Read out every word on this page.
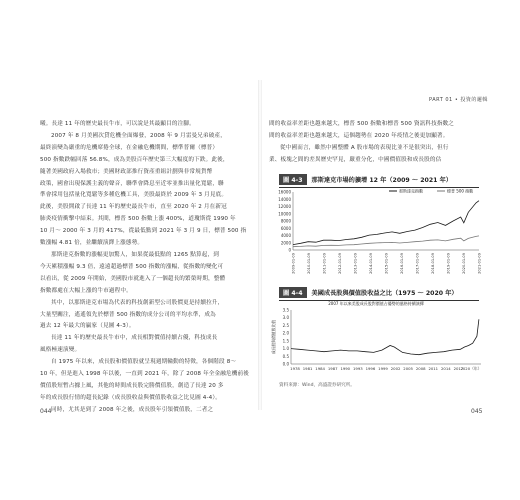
曦。長達 11 年的歷史最長牛市，可以說是其最顯目的注腳。

2007 年 8 月美國次貸危機全面爆發，2008 年 9 月雷曼兄弟破產，

最終演變為嚴重的危機席捲全球，在金融危機期間，標準普爾（標普）

500 指數跌幅回落 56.8%，成為美股百年歷史第三大幅度的下跌。此後，

隨著美國政府入場救市；美國財政部推行資產重組計劃與非常規貨幣

政策，國會出現保護主義的聲音，聯準會降息至近零並推出量化寬鬆，聯

準會採用包括量化寬鬆等多種危機工具，美股最終於 2009 年 3 月見底。

此後，美股開啟了長達 11 年的歷史最長牛市，直至 2020 年 2 月在新冠

肺炎疫情衝擊中結束。其間，標普 500 指數上漲 400%，道瓊斯從 1990 年

10 月～ 2000 年 3 月的 417%，從最低點到 2021 年 3 月 9 日，標普 500 指

數漲幅 4.81 倍，並繼續演繹上漲態勢。

那斯達克指數的漲幅更加驚人，如果從最低點的 1265 點算起，到

今天累積漲幅 9.3 倍，遠遠超過標普 500 指數的漲幅，從指數的變化可

以看出，從 2009 年開始，美國股市就進入了一個超長的繁榮時期，整體

指數都處在大幅上漲的牛市過程中。

其中，以那斯達克市場為代表的科技創新型公司股價更是持續拉升，

大量型關注，遙遙領先於標普 500 指數的成分公司的平均水準，成為

過去 12 年最大的贏家（見圖 4-3）。

長達 11 年的歷史最長牛市中，成長相對價值持續占優，科技成長

風格極速演變。

自 1975 年以來，成長股和價值股就呈現週期輪動的特徵，各個階段 8～

10 年，但是進入 1998 年以後，一直到 2021 年，除了 2008 年全金融危機前後

價值股短暫占據上風，其他的時間成長股完勝價值股，創造了長達 20 多

年的成長股行情的超長紀錄（成長股收益與價值股收益之比見圖 4-4）。

同時，尤其是到了 2008 年之後，成長股年引領價值股，二者之

044
PART 01 • 投資的邏輯

間的收益率差距也越來越大，標普 500 指數和標普 500 資訊科技指數之

間的收益率差距也越來越大，這個趨勢在 2020 年疫情之後更加顯著。

從中國而言，雖然中國整體 A 股市場的表現比並不是很突出，但行

業、板塊之間的差異歷史罕見，嚴重分化，中國價值股和成長股的估

圖 4-3 那斯達克市場的擴增 12 年（2009 ～ 2021 年）
0
2000
4000
6000
8000
10000
12000
14000
16000
2009-01-09	2010-01-09	2011-01-09	2012-01-09	2013-01-09	2014-01-09	2015-01-09	2016-01-09	2017-01-09	2018-01-09	2019-01-09	2020-01-09	2021-01-09
那斯達克指數	標普 500 指數
圖 4-4 美國成長股與價值股收益之比（1975 ～ 2020 年）
2007 年以來美股成長股對價值占優勢的風格持續演繹
成長股與價值股比值
0.0
0.5
1.0
1.5
2.0
2.5
3.0
3.5
1978 1981 1984 1987 1990 1993 1996 1999 2002 2005 2008 2011 2014 2017
2020（年）
資料來源：Wind，高盛證券研究所。
045
